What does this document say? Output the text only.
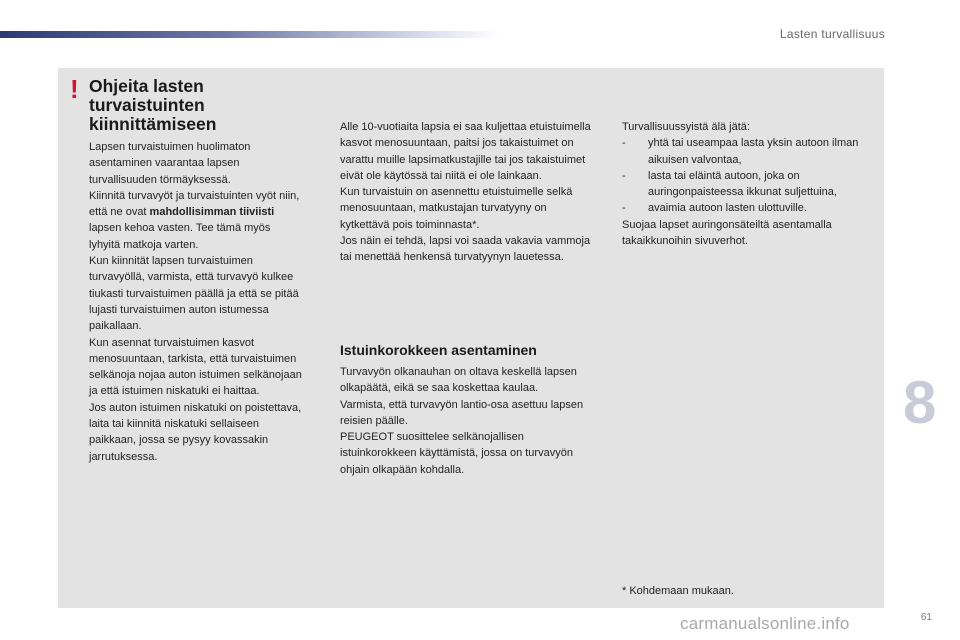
Lasten turvallisuus
! Ohjeita lasten turvaistuinten kiinnittämiseen

Lapsen turvaistuimen huolimaton asentaminen vaarantaa lapsen turvallisuuden törmäyksessä.

Kiinnitä turvavyöt ja turvaistuinten vyöt niin, että ne ovat mahdollisimman tiiviisti lapsen kehoa vasten. Tee tämä myös lyhyitä matkoja varten.

Kun kiinnität lapsen turvaistuimen turvavyöllä, varmista, että turvavyö kulkee tiukasti turvaistuimen päällä ja että se pitää lujasti turvaistuimen auton istumessa paikallaan.

Kun asennat turvaistuimen kasvot menosuuntaan, tarkista, että turvaistuimen selkänoja nojaa auton istuimen selkänojaan ja että istuimen niskatuki ei haittaa.

Jos auton istuimen niskatuki on poistettava, laita tai kiinnitä niskatuki sellaiseen paikkaan, jossa se pysyy kovassakin jarrutuksessa.

Alle 10-vuotiaita lapsia ei saa kuljettaa etuistuimella kasvot menosuuntaan, paitsi jos takaistuimet on varattu muille lapsimatkustajille tai jos takaistuimet eivät ole käytössä tai niitä ei ole lainkaan.

Kun turvaistuin on asennettu etuistuimelle selkä menosuuntaan, matkustajan turvatyyny on kytkettävä pois toiminnasta*.

Jos näin ei tehdä, lapsi voi saada vakavia vammoja tai menettää henkensä turvatyynyn lauetessa.

Istuinkorokkeen asentaminen

Turvavyön olkanauhan on oltava keskellä lapsen olkapäätä, eikä se saa koskettaa kaulaa.

Varmista, että turvavyön lantio-osa asettuu lapsen reisien päälle.

PEUGEOT suosittelee selkänojallisen istuinkorokkeen käyttämistä, jossa on turvavyön ohjain olkapään kohdalla.

Turvallisuussyistä älä jätä:

-	yhtä tai useampaa lasta yksin autoon ilman aikuisen valvontaa,
-	lasta tai eläintä autoon, joka on auringonpaisteessa ikkunat suljettuina,
-	avaimia autoon lasten ulottuville.

Suojaa lapset auringonsäteiltä asentamalla takaikkunoihin sivuverhot.

* Kohdemaan mukaan.
8
carmanualsonline.info	61
